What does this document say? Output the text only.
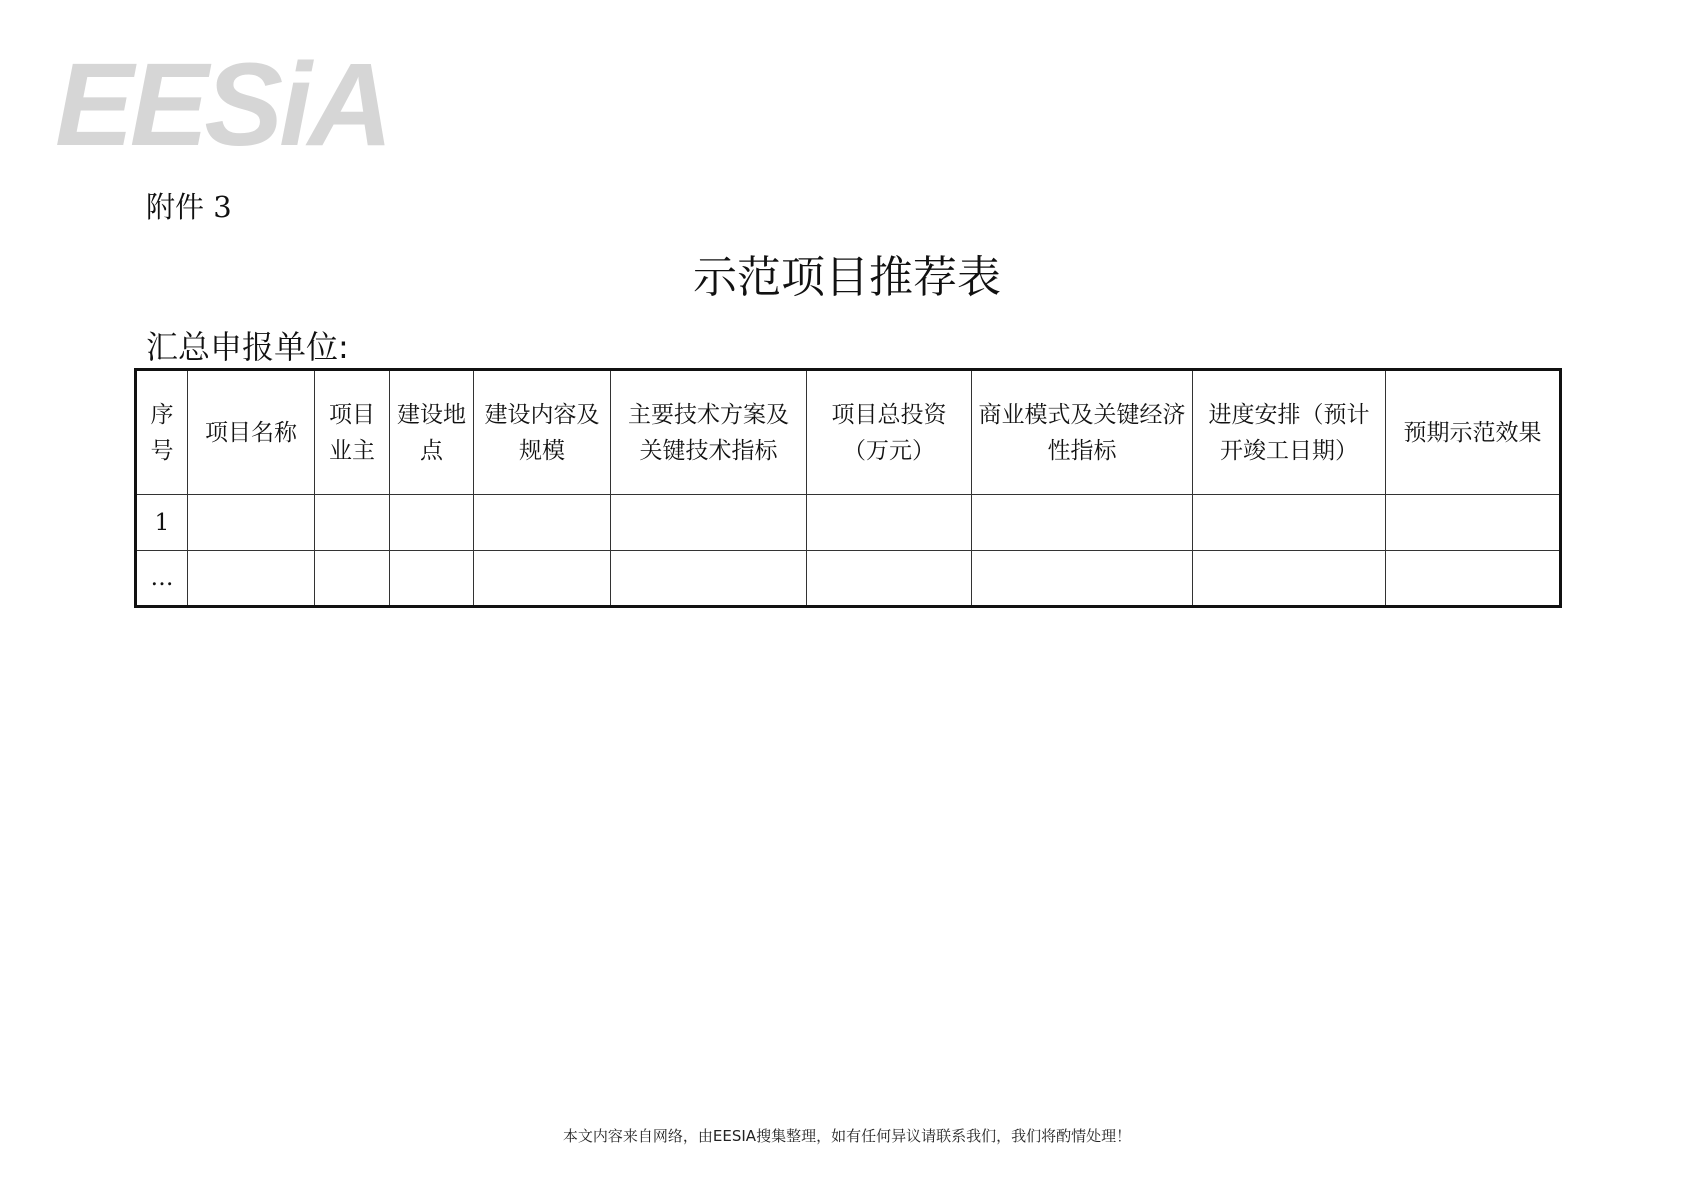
EESiA
附件 3
示范项目推荐表
汇总申报单位:
序号	项目名称	项目业主	建设地点	建设内容及规模	主要技术方案及关键技术指标	项目总投资（万元）	商业模式及关键经济性指标	进度安排（预计开竣工日期）	预期示范效果
1									
…									
本文内容来自网络，由EESIA搜集整理，如有任何异议请联系我们，我们将酌情处理！
